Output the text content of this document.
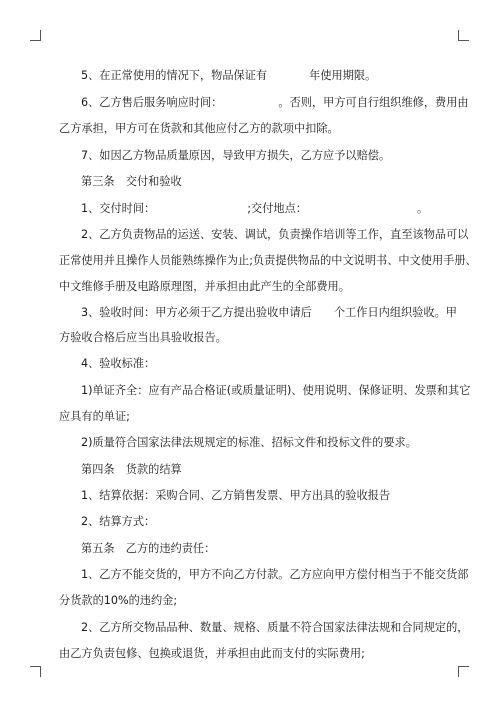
5、在正常使用的情况下，物品保证有	年使用期限。
6、乙方售后服务响应时间：	。否则，甲方可自行组织维修，费用由
乙方承担，甲方可在货款和其他应付乙方的款项中扣除。
7、如因乙方物品质量原因，导致甲方损失，乙方应予以赔偿。
第三条　交付和验收
1、交付时间：	;交付地点：	。
2、乙方负责物品的运送、安装、调试，负责操作培训等工作，直至该物品可以
正常使用并且操作人员能熟练操作为止;负责提供物品的中文说明书、中文使用手册、
中文维修手册及电路原理图，并承担由此产生的全部费用。
3、验收时间：甲方必须于乙方提出验收申请后 个工作日内组织验收。甲
方验收合格后应当出具验收报告。
4、验收标准：
1)单证齐全：应有产品合格证(或质量证明)、使用说明、保修证明、发票和其它
应具有的单证;
2)质量符合国家法律法规规定的标准、招标文件和投标文件的要求。
第四条　货款的结算
1、结算依据：采购合同、乙方销售发票、甲方出具的验收报告
2、结算方式：
第五条　乙方的违约责任：
1、乙方不能交货的，甲方不向乙方付款。乙方应向甲方偿付相当于不能交货部
分货款的10%的违约金;
2、乙方所交物品品种、数量、规格、质量不符合国家法律法规和合同规定的，
由乙方负责包修、包换或退货，并承担由此而支付的实际费用;
